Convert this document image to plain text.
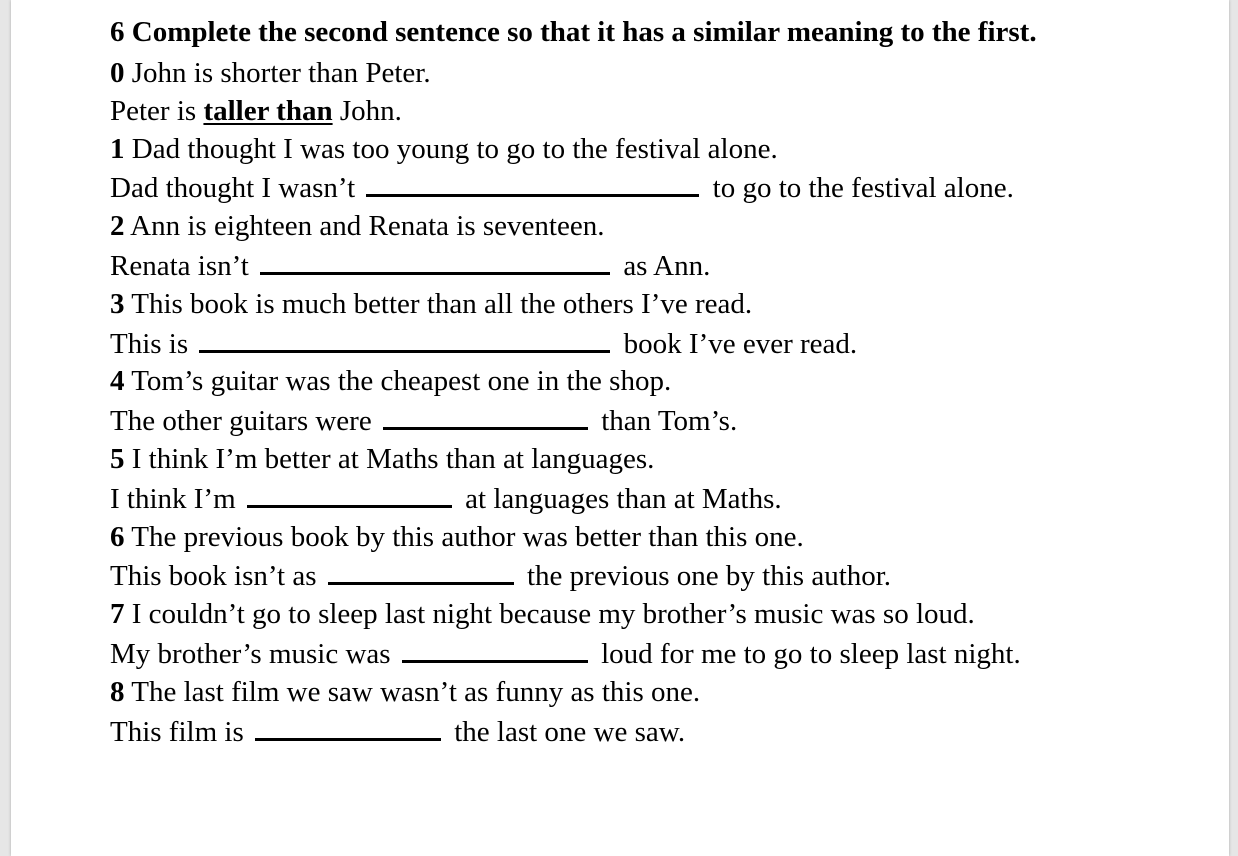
6 Complete the second sentence so that it has a similar meaning to the first.
0 John is shorter than Peter.
Peter is taller than John.
1 Dad thought I was too young to go to the festival alone.
Dad thought I wasn’t	to go to the festival alone.
2 Ann is eighteen and Renata is seventeen.
Renata isn’t	as Ann.
3 This book is much better than all the others I’ve read.
This is	book I’ve ever read.
4 Tom’s guitar was the cheapest one in the shop.
The other guitars were	than Tom’s.
5 I think I’m better at Maths than at languages.
I think I’m	at languages than at Maths.
6 The previous book by this author was better than this one.
This book isn’t as	the previous one by this author.
7 I couldn’t go to sleep last night because my brother’s music was so loud.
My brother’s music was	loud for me to go to sleep last night.
8 The last film we saw wasn’t as funny as this one.
This film is	the last one we saw.
